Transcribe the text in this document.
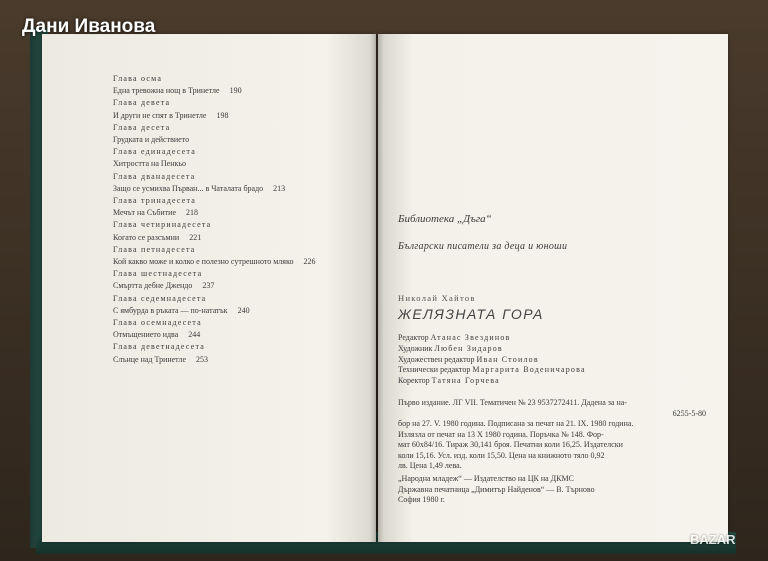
Дани Иванова
Глава осма
Една тревожна нощ в Тринетле 190
Глава девета
И други не спят в Тринетле 198
Глава десета
Грудката и действието
Глава единадесета
Хитростта на Пенкьо
Глава дванадесета
Защо се усмихва Първан... в Чаталата брадо 213
Глава тринадесета
Мечът на Събитие 218
Глава четиринадесета
Когато се разсъмни 221
Глава петнадесета
Кой какво може и колко е полезно сутрешното мляко 226
Глава шестнадесета
Смъртта дебне Джендо 237
Глава седемнадесета
С ямбурда в ръката — по-нататък 240
Глава осемнадесета
Отмъщението идва 244
Глава деветнадесета
Слънце над Тринетле 253
Библиотека „Дъга“
Български писатели за деца и юноши
Николай Хайтов
ЖЕЛЯЗНАТА ГОРА
Редактор Атанас Звездинов
Художник Любен Зидаров
Художествен редактор Иван Стоилов
Технически редактор Маргарита Воденичарова
Коректор Татяна Горчева
Първо издание. ЛГ VII. Тематичен № 23 9537272411. Дадена за на-
6255-5-80
бор на 27. V. 1980 година. Подписана за печат на 21. IX. 1980 година.
Излязла от печат на 13 X 1980 година. Поръчка № 148. Фор-
мат 60x84/16. Тираж 30,141 броя. Печатни коли 16,25. Издателски
коли 15,16. Усл. изд. коли 15,50. Цена на книжното тяло 0,92
лв. Цена 1,49 лева.
„Народна младеж“ — Издателство на ЦК на ДКМС
Държавна печатница „Димитър Найденов“ — В. Търново
София 1980 г.
BAZAR
